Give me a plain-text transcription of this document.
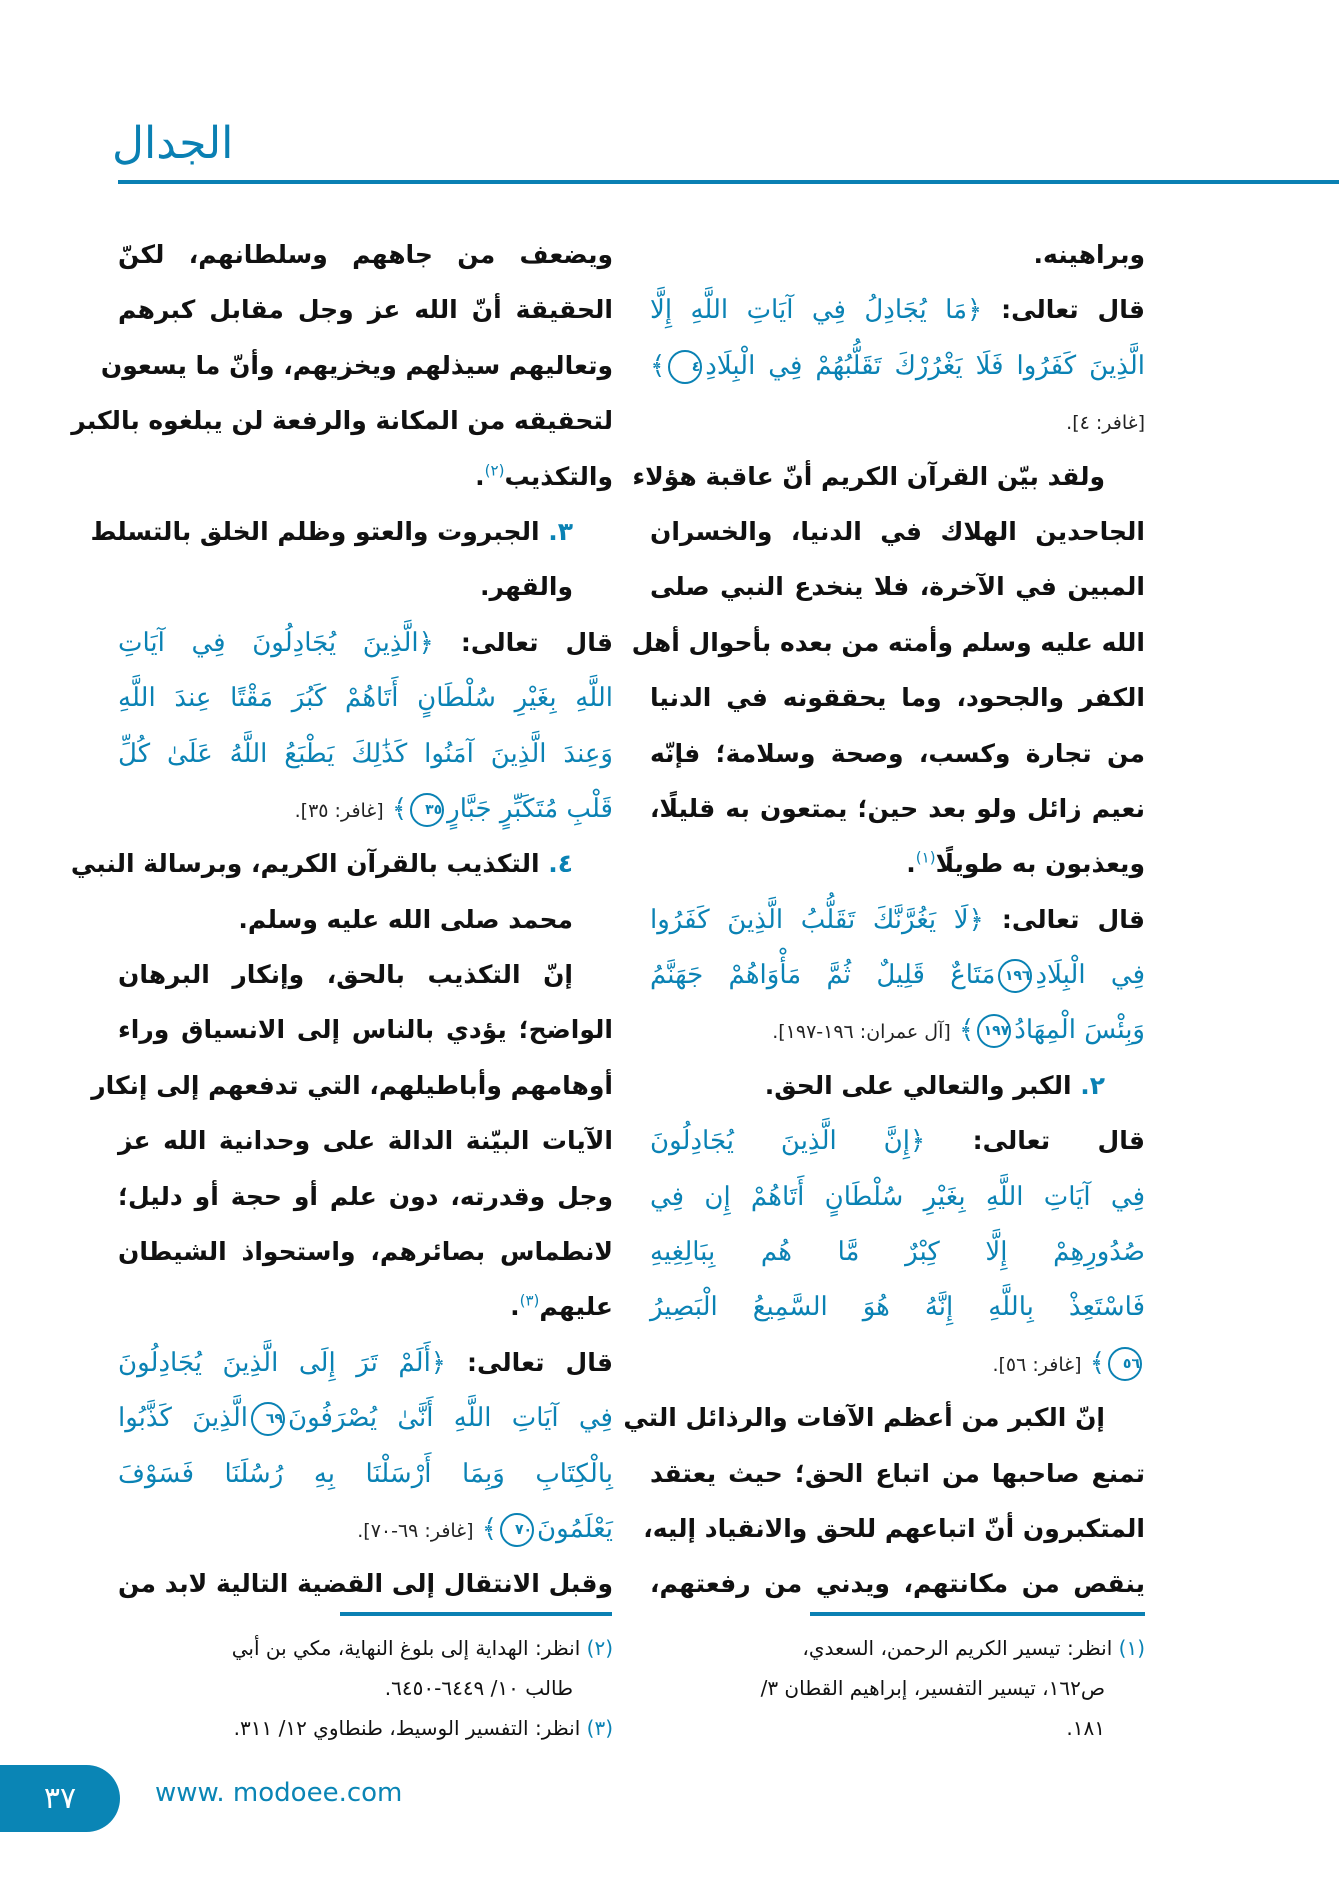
الجدال
وبراهينه.
قال تعالى: ﴿مَا يُجَادِلُ فِي آيَاتِ اللَّهِ إِلَّا
الَّذِينَ كَفَرُوا فَلَا يَغْرُرْكَ تَقَلُّبُهُمْ فِي الْبِلَادِ٤﴾
[غافر: ٤].
ولقد بيّن القرآن الكريم أنّ عاقبة هؤلاء
الجاحدين الهلاك في الدنيا، والخسران
المبين في الآخرة، فلا ينخدع النبي صلى
الله عليه وسلم وأمته من بعده بأحوال أهل
الكفر والجحود، وما يحققونه في الدنيا
من تجارة وكسب، وصحة وسلامة؛ فإنّه
نعيم زائل ولو بعد حين؛ يمتعون به قليلًا،
ويعذبون به طويلًا$^{(١)}$.
قال تعالى: ﴿لَا يَغُرَّنَّكَ تَقَلُّبُ الَّذِينَ كَفَرُوا
فِي الْبِلَادِ١٩٦مَتَاعٌ قَلِيلٌ ثُمَّ مَأْوَاهُمْ جَهَنَّمُ
وَبِئْسَ الْمِهَادُ١٩٧﴾ [آل عمران: ١٩٦-١٩٧].
٢. الكبر والتعالي على الحق.
قال تعالى: ﴿إِنَّ الَّذِينَ يُجَادِلُونَ
فِي آيَاتِ اللَّهِ بِغَيْرِ سُلْطَانٍ أَتَاهُمْ إِن فِي
صُدُورِهِمْ إِلَّا كِبْرٌ مَّا هُم بِبَالِغِيهِ
فَاسْتَعِذْ بِاللَّهِ إِنَّهُ هُوَ السَّمِيعُ الْبَصِيرُ
٥٦﴾ [غافر: ٥٦].
إنّ الكبر من أعظم الآفات والرذائل التي
تمنع صاحبها من اتباع الحق؛ حيث يعتقد
المتكبرون أنّ اتباعهم للحق والانقياد إليه،
ينقص من مكانتهم، ويدني من رفعتهم،
ويضعف من جاههم وسلطانهم، لكنّ
الحقيقة أنّ الله عز وجل مقابل كبرهم
وتعاليهم سيذلهم ويخزيهم، وأنّ ما يسعون
لتحقيقه من المكانة والرفعة لن يبلغوه بالكبر
والتكذيب$^{(٢)}$.
٣. الجبروت والعتو وظلم الخلق بالتسلط
والقهر.
قال تعالى: ﴿الَّذِينَ يُجَادِلُونَ فِي آيَاتِ
اللَّهِ بِغَيْرِ سُلْطَانٍ أَتَاهُمْ كَبُرَ مَقْتًا عِندَ اللَّهِ
وَعِندَ الَّذِينَ آمَنُوا كَذَٰلِكَ يَطْبَعُ اللَّهُ عَلَىٰ كُلِّ
قَلْبِ مُتَكَبِّرٍ جَبَّارٍ٣٥﴾ [غافر: ٣٥].
٤. التكذيب بالقرآن الكريم، وبرسالة النبي
محمد صلى الله عليه وسلم.
إنّ التكذيب بالحق، وإنكار البرهان
الواضح؛ يؤدي بالناس إلى الانسياق وراء
أوهامهم وأباطيلهم، التي تدفعهم إلى إنكار
الآيات البيّنة الدالة على وحدانية الله عز
وجل وقدرته، دون علم أو حجة أو دليل؛
لانطماس بصائرهم، واستحواذ الشيطان
عليهم$^{(٣)}$.
قال تعالى: ﴿أَلَمْ تَرَ إِلَى الَّذِينَ يُجَادِلُونَ
فِي آيَاتِ اللَّهِ أَنَّىٰ يُصْرَفُونَ٦٩الَّذِينَ كَذَّبُوا
بِالْكِتَابِ وَبِمَا أَرْسَلْنَا بِهِ رُسُلَنَا فَسَوْفَ
يَعْلَمُونَ٧٠﴾ [غافر: ٦٩-٧٠].
وقبل الانتقال إلى القضية التالية لابد من
(١) انظر: تيسير الكريم الرحمن، السعدي،
ص١٦٢، تيسير التفسير، إبراهيم القطان ٣/
١٨١.
(٢) انظر: الهداية إلى بلوغ النهاية، مكي بن أبي
طالب ١٠/ ٦٤٤٩-٦٤٥٠.
(٣) انظر: التفسير الوسيط، طنطاوي ١٢/ ٣١١.
٣٧	www. modoee.com
